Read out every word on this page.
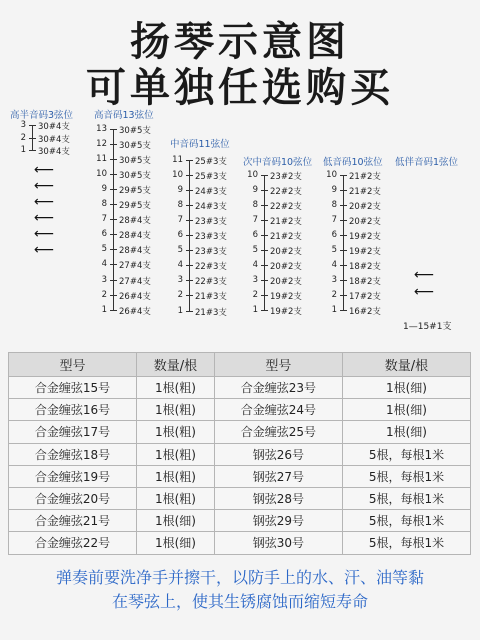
扬琴示意图
可单独任选购买
高半音码3弦位
3 30#4支
2 30#4支
1 30#4支
高音码13弦位
13 30#5支
12 30#5支
11 30#5支
10 30#5支
9 29#5支
8 29#5支
7 28#4支
6 28#4支
5 28#4支
4 27#4支
3 27#4支
2 26#4支
1 26#4支
中音码11弦位
11 25#3支
10 25#3支
9 24#3支
8 24#3支
7 23#3支
6 23#3支
5 23#3支
4 22#3支
3 22#3支
2 21#3支
1 21#3支
次中音码10弦位
10 23#2支
9 22#2支
8 22#2支
7 21#2支
6 21#2支
5 20#2支
4 20#2支
3 20#2支
2 19#2支
1 19#2支
低音码10弦位
10 21#2支
9 21#2支
8 20#2支
7 20#2支
6 19#2支
5 19#2支
4 18#2支
3 18#2支
2 17#2支
1 16#2支
低伴音码1弦位
⟵
⟵
⟵
⟵
⟵
⟵
⟵
⟵
1—15#1支
型号	数量/根	型号	数量/根
合金缠弦15号	1根(粗)	合金缠弦23号	1根(细)
合金缠弦16号	1根(粗)	合金缠弦24号	1根(细)
合金缠弦17号	1根(粗)	合金缠弦25号	1根(细)
合金缠弦18号	1根(粗)	钢弦26号	5根，每根1米
合金缠弦19号	1根(粗)	钢弦27号	5根，每根1米
合金缠弦20号	1根(粗)	钢弦28号	5根，每根1米
合金缠弦21号	1根(细)	钢弦29号	5根，每根1米
合金缠弦22号	1根(细)	钢弦30号	5根，每根1米
弹奏前要洗净手并擦干，以防手上的水、汗、油等黏
在琴弦上，使其生锈腐蚀而缩短寿命
